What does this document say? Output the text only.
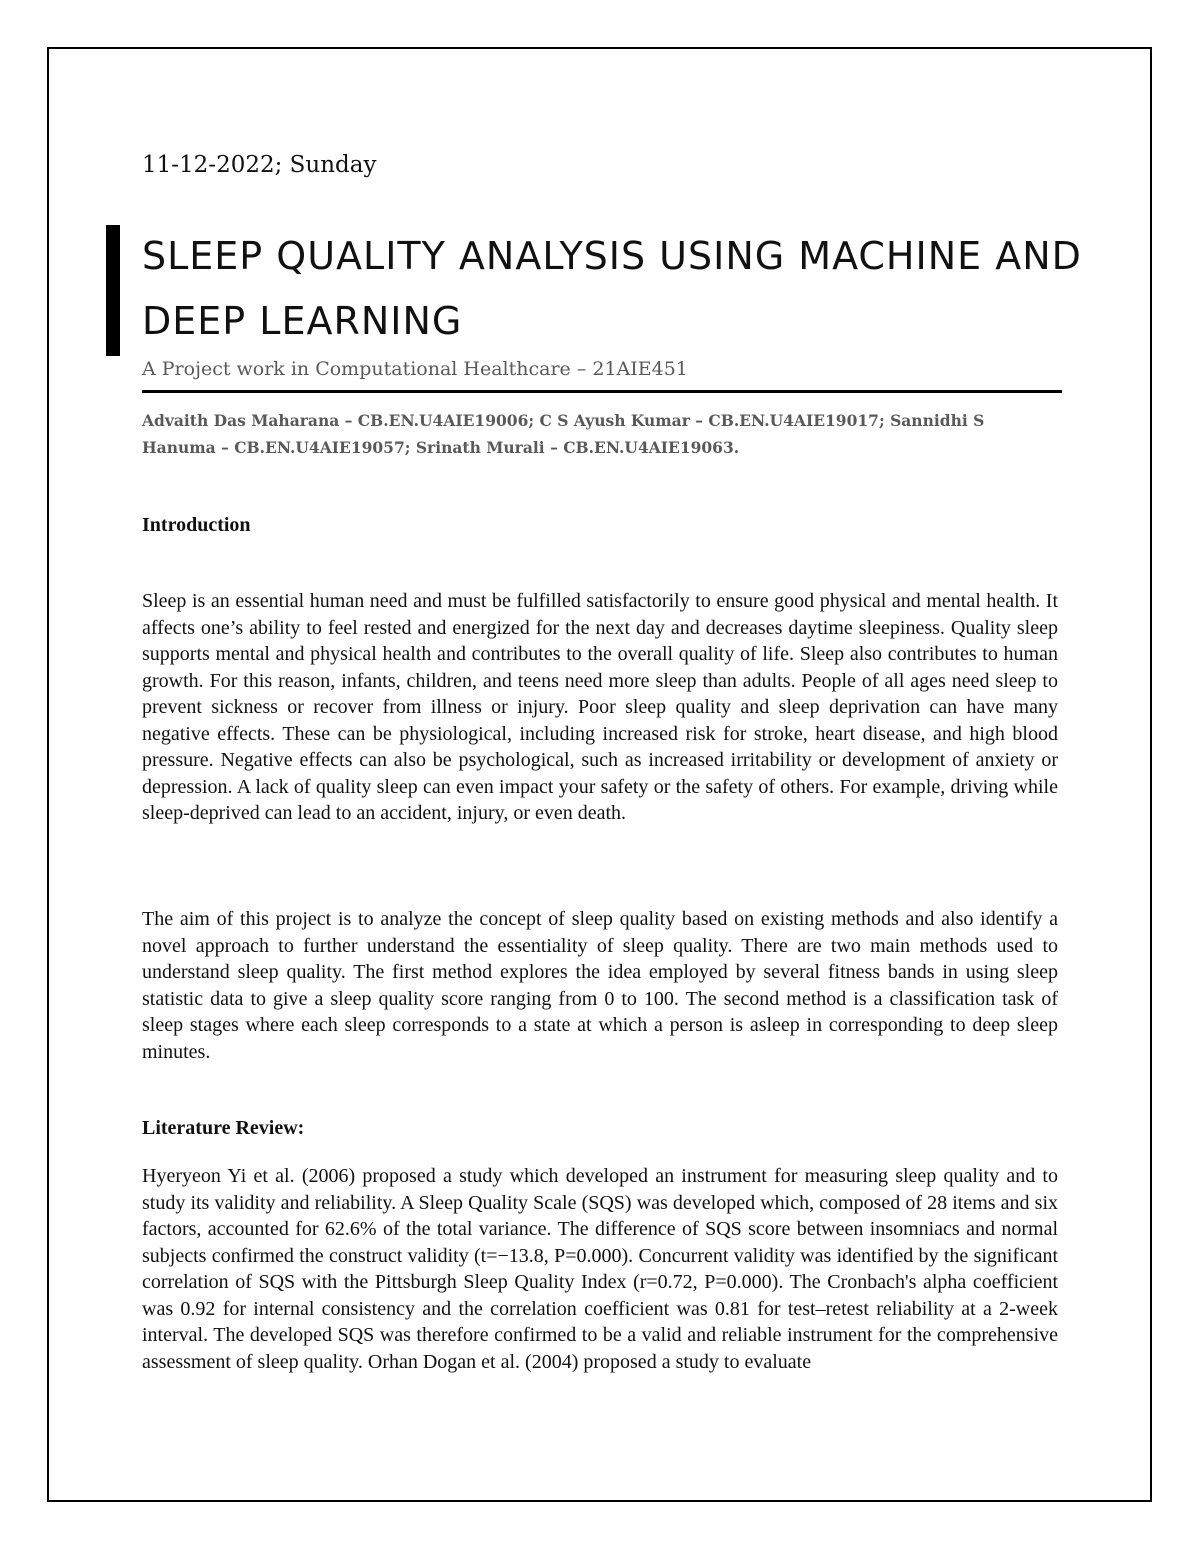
11-12-2022; Sunday
SLEEP QUALITY ANALYSIS USING MACHINE AND DEEP LEARNING
A Project work in Computational Healthcare – 21AIE451

Advaith Das Maharana – CB.EN.U4AIE19006; C S Ayush Kumar – CB.EN.U4AIE19017; Sannidhi S Hanuma – CB.EN.U4AIE19057; Srinath Murali – CB.EN.U4AIE19063.

Introduction

Sleep is an essential human need and must be fulfilled satisfactorily to ensure good physical and mental health. It affects one’s ability to feel rested and energized for the next day and decreases daytime sleepiness. Quality sleep supports mental and physical health and contributes to the overall quality of life. Sleep also contributes to human growth. For this reason, infants, children, and teens need more sleep than adults. People of all ages need sleep to prevent sickness or recover from illness or injury. Poor sleep quality and sleep deprivation can have many negative effects. These can be physiological, including increased risk for stroke, heart disease, and high blood pressure. Negative effects can also be psychological, such as increased irritability or development of anxiety or depression. A lack of quality sleep can even impact your safety or the safety of others. For example, driving while sleep-deprived can lead to an accident, injury, or even death.

The aim of this project is to analyze the concept of sleep quality based on existing methods and also identify a novel approach to further understand the essentiality of sleep quality. There are two main methods used to understand sleep quality. The first method explores the idea employed by several fitness bands in using sleep statistic data to give a sleep quality score ranging from 0 to 100. The second method is a classification task of sleep stages where each sleep corresponds to a state at which a person is asleep in corresponding to deep sleep minutes.

Literature Review:

Hyeryeon Yi et al. (2006) proposed a study which developed an instrument for measuring sleep quality and to study its validity and reliability. A Sleep Quality Scale (SQS) was developed which, composed of 28 items and six factors, accounted for 62.6% of the total variance. The difference of SQS score between insomniacs and normal subjects confirmed the construct validity (t=−13.8, P=0.000). Concurrent validity was identified by the significant correlation of SQS with the Pittsburgh Sleep Quality Index (r=0.72, P=0.000). The Cronbach's alpha coefficient was 0.92 for internal consistency and the correlation coefficient was 0.81 for test–retest reliability at a 2-week interval. The developed SQS was therefore confirmed to be a valid and reliable instrument for the comprehensive assessment of sleep quality. Orhan Dogan et al. (2004) proposed a study to evaluate
